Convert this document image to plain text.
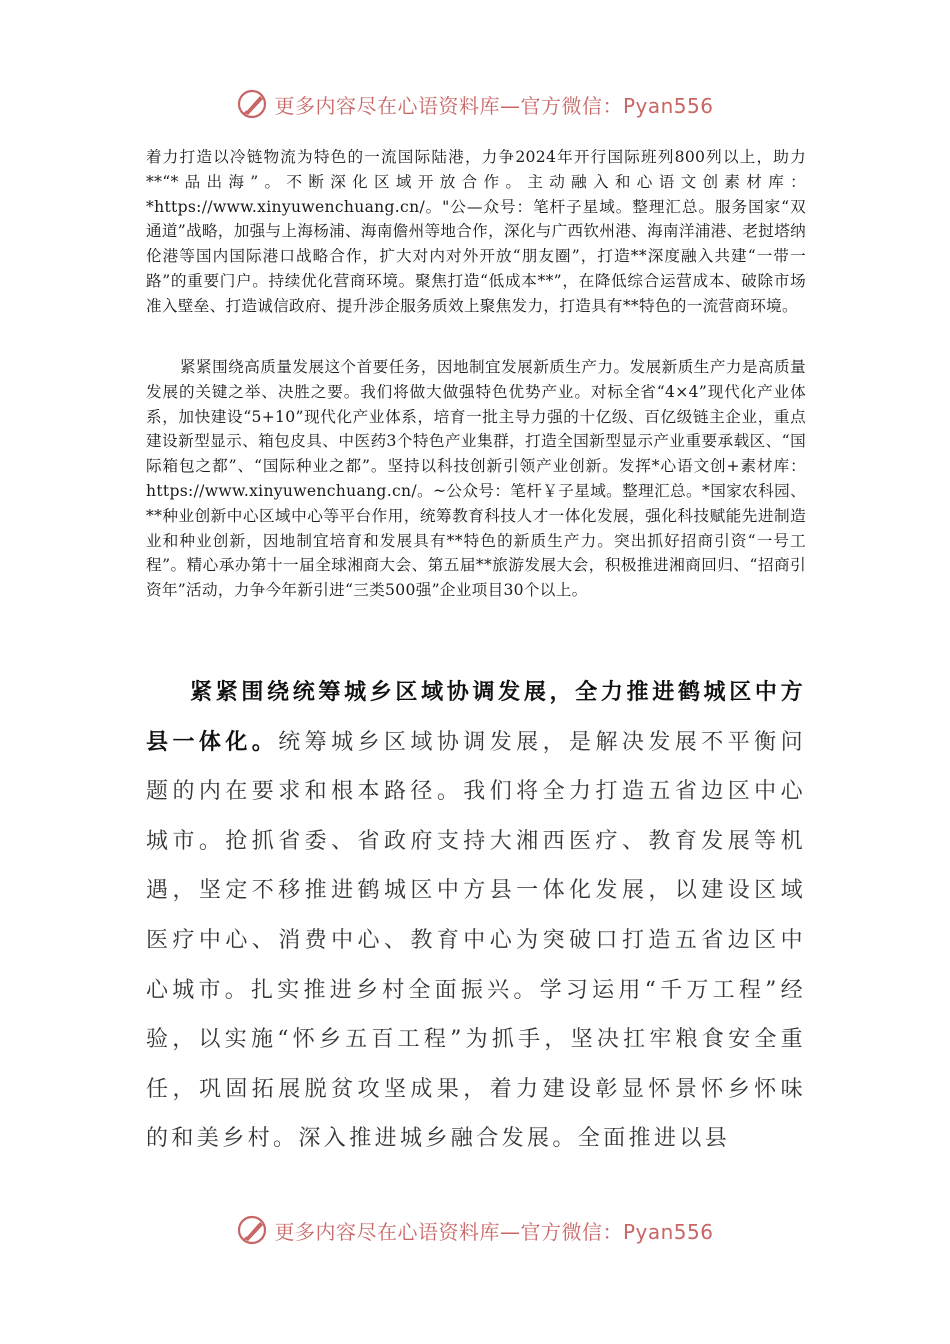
更多内容尽在心语资料库—官方微信：Pyan556

着力打造以冷链物流为特色的一流国际陆港，力争2024年开行国际班列800列以上，助力**“*品出海”。不断深化区域开放合作。主动融入和心语文创素材库：*https://www.xinyuwenchuang.cn/。"公—众号：笔杆子星域。整理汇总。服务国家“双通道”战略，加强与上海杨浦、海南儋州等地合作，深化与广西钦州港、海南洋浦港、老挝塔纳伦港等国内国际港口战略合作，扩大对内对外开放“朋友圈”，打造**深度融入共建“一带一路”的重要门户。持续优化营商环境。聚焦打造“低成本**”，在降低综合运营成本、破除市场准入壁垒、打造诚信政府、提升涉企服务质效上聚焦发力，打造具有**特色的一流营商环境。

紧紧围绕高质量发展这个首要任务，因地制宜发展新质生产力。发展新质生产力是高质量发展的关键之举、决胜之要。我们将做大做强特色优势产业。对标全省“4×4”现代化产业体系，加快建设“5+10”现代化产业体系，培育一批主导力强的十亿级、百亿级链主企业，重点建设新型显示、箱包皮具、中医药3个特色产业集群，打造全国新型显示产业重要承载区、“国际箱包之都”、“国际种业之都”。坚持以科技创新引领产业创新。发挥*心语文创+素材库：https://www.xinyuwenchuang.cn/。~公众号：笔杆￥子星域。整理汇总。*国家农科园、**种业创新中心区域中心等平台作用，统筹教育科技人才一体化发展，强化科技赋能先进制造业和种业创新，因地制宜培育和发展具有**特色的新质生产力。突出抓好招商引资“一号工程”。精心承办第十一届全球湘商大会、第五届**旅游发展大会，积极推进湘商回归、“招商引资年”活动，力争今年新引进“三类500强”企业项目30个以上。

紧紧围绕统筹城乡区域协调发展，全力推进鹤城区中方县一体化。统筹城乡区域协调发展，是解决发展不平衡问题的内在要求和根本路径。我们将全力打造五省边区中心城市。抢抓省委、省政府支持大湘西医疗、教育发展等机遇，坚定不移推进鹤城区中方县一体化发展，以建设区域医疗中心、消费中心、教育中心为突破口打造五省边区中心城市。扎实推进乡村全面振兴。学习运用“千万工程”经验，以实施“怀乡五百工程”为抓手，坚决扛牢粮食安全重任，巩固拓展脱贫攻坚成果，着力建设彰显怀景怀乡怀味的和美乡村。深入推进城乡融合发展。全面推进以县

更多内容尽在心语资料库—官方微信：Pyan556
